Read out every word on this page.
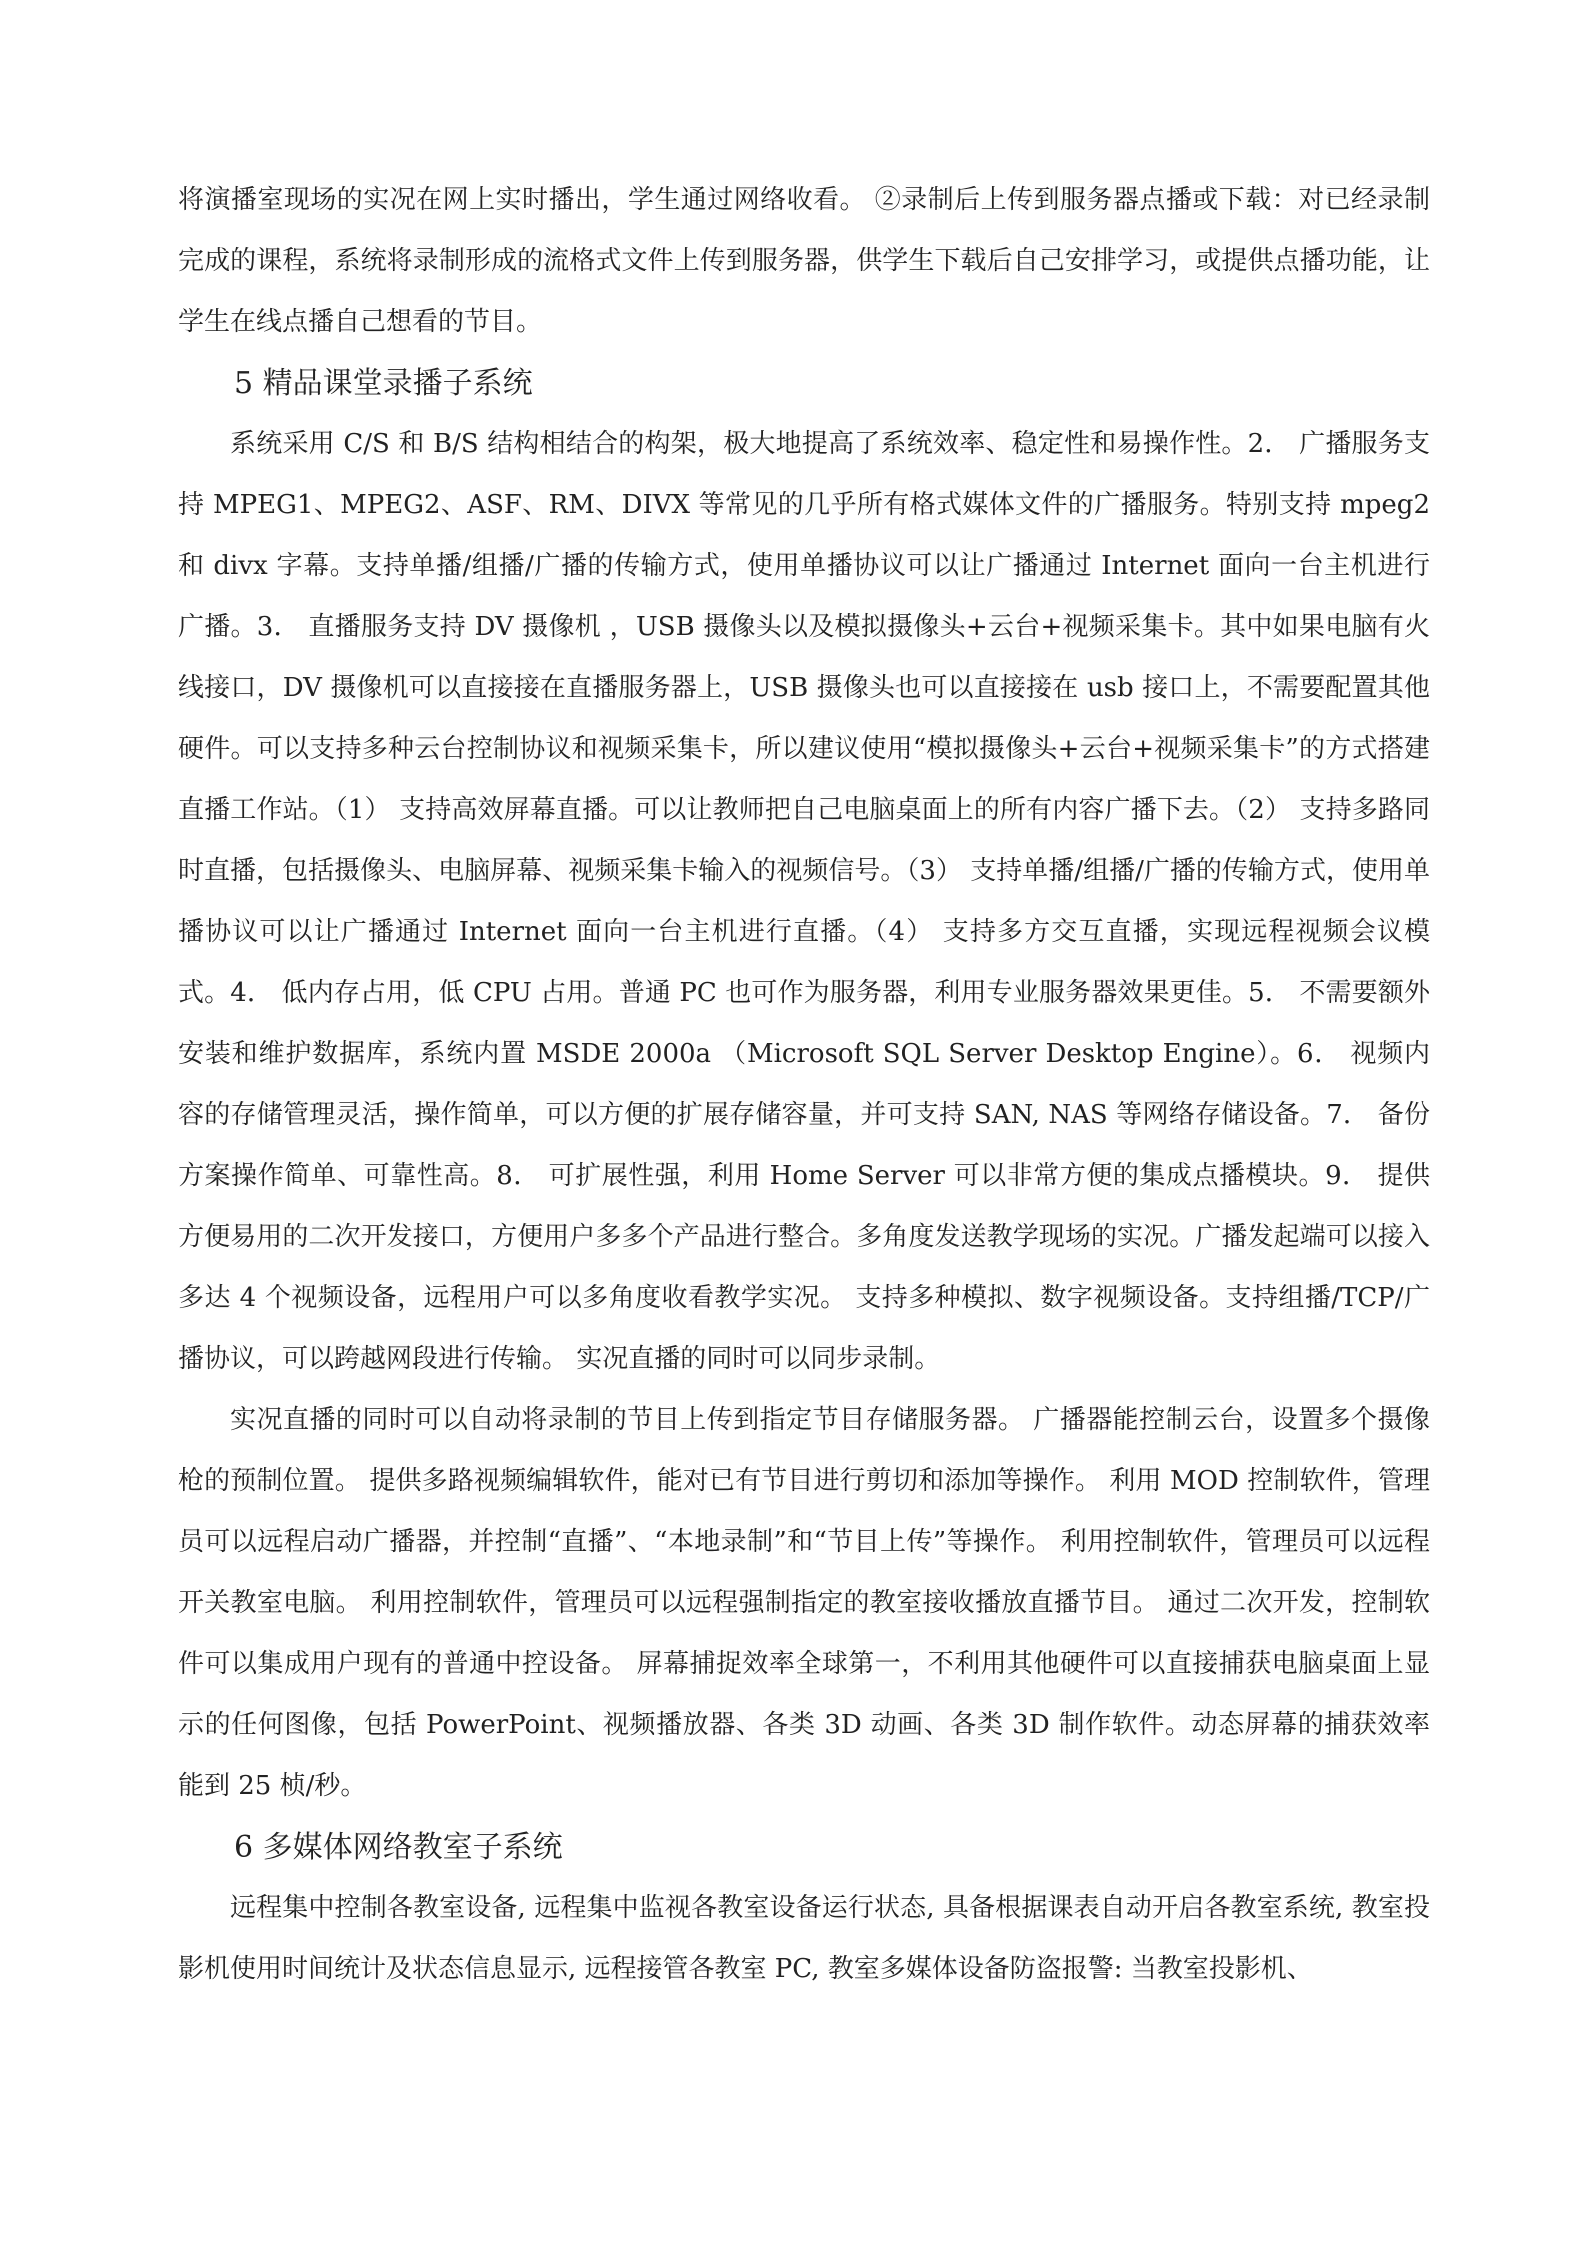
将演播室现场的实况在网上实时播出，学生通过网络收看。 ②录制后上传到服务器点播或下载：对已经录制完成的课程，系统将录制形成的流格式文件上传到服务器，供学生下载后自己安排学习，或提供点播功能，让学生在线点播自己想看的节目。

5 精品课堂录播子系统

系统采用 C/S 和 B/S 结构相结合的构架，极大地提高了系统效率、稳定性和易操作性。2． 广播服务支持 MPEG1、MPEG2、ASF、RM、DIVX 等常见的几乎所有格式媒体文件的广播服务。特别支持 mpeg2 和 divx 字幕。支持单播/组播/广播的传输方式，使用单播协议可以让广播通过 Internet 面向一台主机进行广播。3． 直播服务支持 DV 摄像机 ，USB 摄像头以及模拟摄像头+云台+视频采集卡。其中如果电脑有火线接口，DV 摄像机可以直接接在直播服务器上，USB 摄像头也可以直接接在 usb 接口上，不需要配置其他硬件。可以支持多种云台控制协议和视频采集卡，所以建议使用“模拟摄像头+云台+视频采集卡”的方式搭建直播工作站。（1） 支持高效屏幕直播。可以让教师把自己电脑桌面上的所有内容广播下去。（2） 支持多路同时直播，包括摄像头、电脑屏幕、视频采集卡输入的视频信号。（3） 支持单播/组播/广播的传输方式，使用单播协议可以让广播通过 Internet 面向一台主机进行直播。（4） 支持多方交互直播，实现远程视频会议模式。4． 低内存占用，低 CPU 占用。普通 PC 也可作为服务器，利用专业服务器效果更佳。5． 不需要额外安装和维护数据库，系统内置 MSDE 2000a （Microsoft SQL Server Desktop Engine）。6． 视频内容的存储管理灵活，操作简单，可以方便的扩展存储容量，并可支持 SAN, NAS 等网络存储设备。7． 备份方案操作简单、可靠性高。8． 可扩展性强，利用 Home Server 可以非常方便的集成点播模块。9． 提供方便易用的二次开发接口，方便用户多多个产品进行整合。多角度发送教学现场的实况。广播发起端可以接入多达 4 个视频设备，远程用户可以多角度收看教学实况。 支持多种模拟、数字视频设备。支持组播/TCP/广播协议，可以跨越网段进行传输。 实况直播的同时可以同步录制。

实况直播的同时可以自动将录制的节目上传到指定节目存储服务器。 广播器能控制云台，设置多个摄像枪的预制位置。 提供多路视频编辑软件，能对已有节目进行剪切和添加等操作。 利用 MOD 控制软件，管理员可以远程启动广播器，并控制“直播”、“本地录制”和“节目上传”等操作。 利用控制软件，管理员可以远程开关教室电脑。 利用控制软件，管理员可以远程强制指定的教室接收播放直播节目。 通过二次开发，控制软件可以集成用户现有的普通中控设备。 屏幕捕捉效率全球第一，不利用其他硬件可以直接捕获电脑桌面上显示的任何图像，包括 PowerPoint、视频播放器、各类 3D 动画、各类 3D 制作软件。动态屏幕的捕获效率能到 25 桢/秒。

6 多媒体网络教室子系统

远程集中控制各教室设备, 远程集中监视各教室设备运行状态, 具备根据课表自动开启各教室系统, 教室投影机使用时间统计及状态信息显示, 远程接管各教室 PC, 教室多媒体设备防盗报警: 当教室投影机、
